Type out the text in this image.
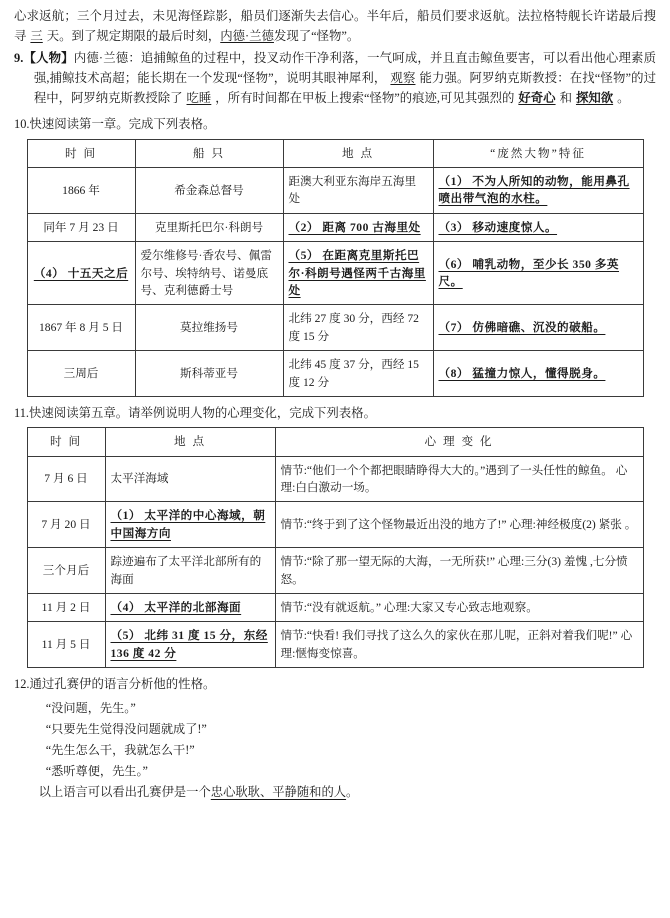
心求返航；三个月过去，未见海怪踪影，船员们逐渐失去信心。半年后，船员们要求返航。法拉格特舰长许诺最后搜寻 三 天。到了规定期限的最后时刻，内德·兰德发现了“怪物”。

9.【人物】内德·兰德：追捕鲸鱼的过程中，投叉动作干净利落，一气呵成，并且直击鲸鱼要害，可以看出他心理素质强,捕鲸技术高超；能长期在一个发现“怪物”，说明其眼神犀利， 观察 能力强。阿罗纳克斯教授：在找“怪物”的过程中，阿罗纳克斯教授除了 吃睡 ，所有时间都在甲板上搜索“怪物”的痕迹,可见其强烈的 好奇心 和 探知欲 。

10.快速阅读第一章。完成下列表格。

时 间	船 只	地 点	“庞然大物”特征
1866 年	希金森总督号	距澳大利亚东海岸五海里处	（1） 不为人所知的动物，能用鼻孔喷出带气泡的水柱。
同年 7 月 23 日	克里斯托巴尔·科朗号	（2） 距离 700 古海里处	（3） 移动速度惊人。
（4） 十五天之后	爱尔维修号·香农号、佩雷尔号、埃特纳号、诺曼底号、克利德爵士号	（5） 在距离克里斯托巴尔·科朗号遇怪两千古海里处	（6） 哺乳动物，至少长 350 多英尺。
1867 年 8 月 5 日	莫拉维扬号	北纬 27 度 30 分，西经 72 度 15 分	（7） 仿佛暗礁、沉没的破船。
三周后	斯科蒂亚号	北纬 45 度 37 分，西经 15 度 12 分	（8） 猛撞力惊人，懂得脱身。

11.快速阅读第五章。请举例说明人物的心理变化，完成下列表格。

时 间	地 点	心 理 变 化
7 月 6 日	太平洋海域	情节:“他们一个个都把眼睛睁得大大的。”遇到了一头任性的鲸鱼。 心理:白白激动一场。
7 月 20 日	（1） 太平洋的中心海域，朝中国海方向	情节:“终于到了这个怪物最近出没的地方了!” 心理:神经极度(2) 紧张 。
三个月后	踪迹遍布了太平洋北部所有的海面	情节:“除了那一望无际的大海，一无所获!” 心理:三分(3) 羞愧 ,七分愤怒。
11 月 2 日	（4） 太平洋的北部海面	情节:“没有就返航。” 心理:大家又专心致志地观察。
11 月 5 日	（5） 北纬 31 度 15 分，东经 136 度 42 分	情节:“快看! 我们寻找了这么久的家伙在那儿呢，正斜对着我们呢!” 心理:惬悔变惊喜。

12.通过孔赛伊的语言分析他的性格。

“没问题，先生。”
“只要先生觉得没问题就成了!”
“先生怎么干，我就怎么干!”
“悉听尊便，先生。”

以上语言可以看出孔赛伊是一个忠心耿耿、平静随和的人。
